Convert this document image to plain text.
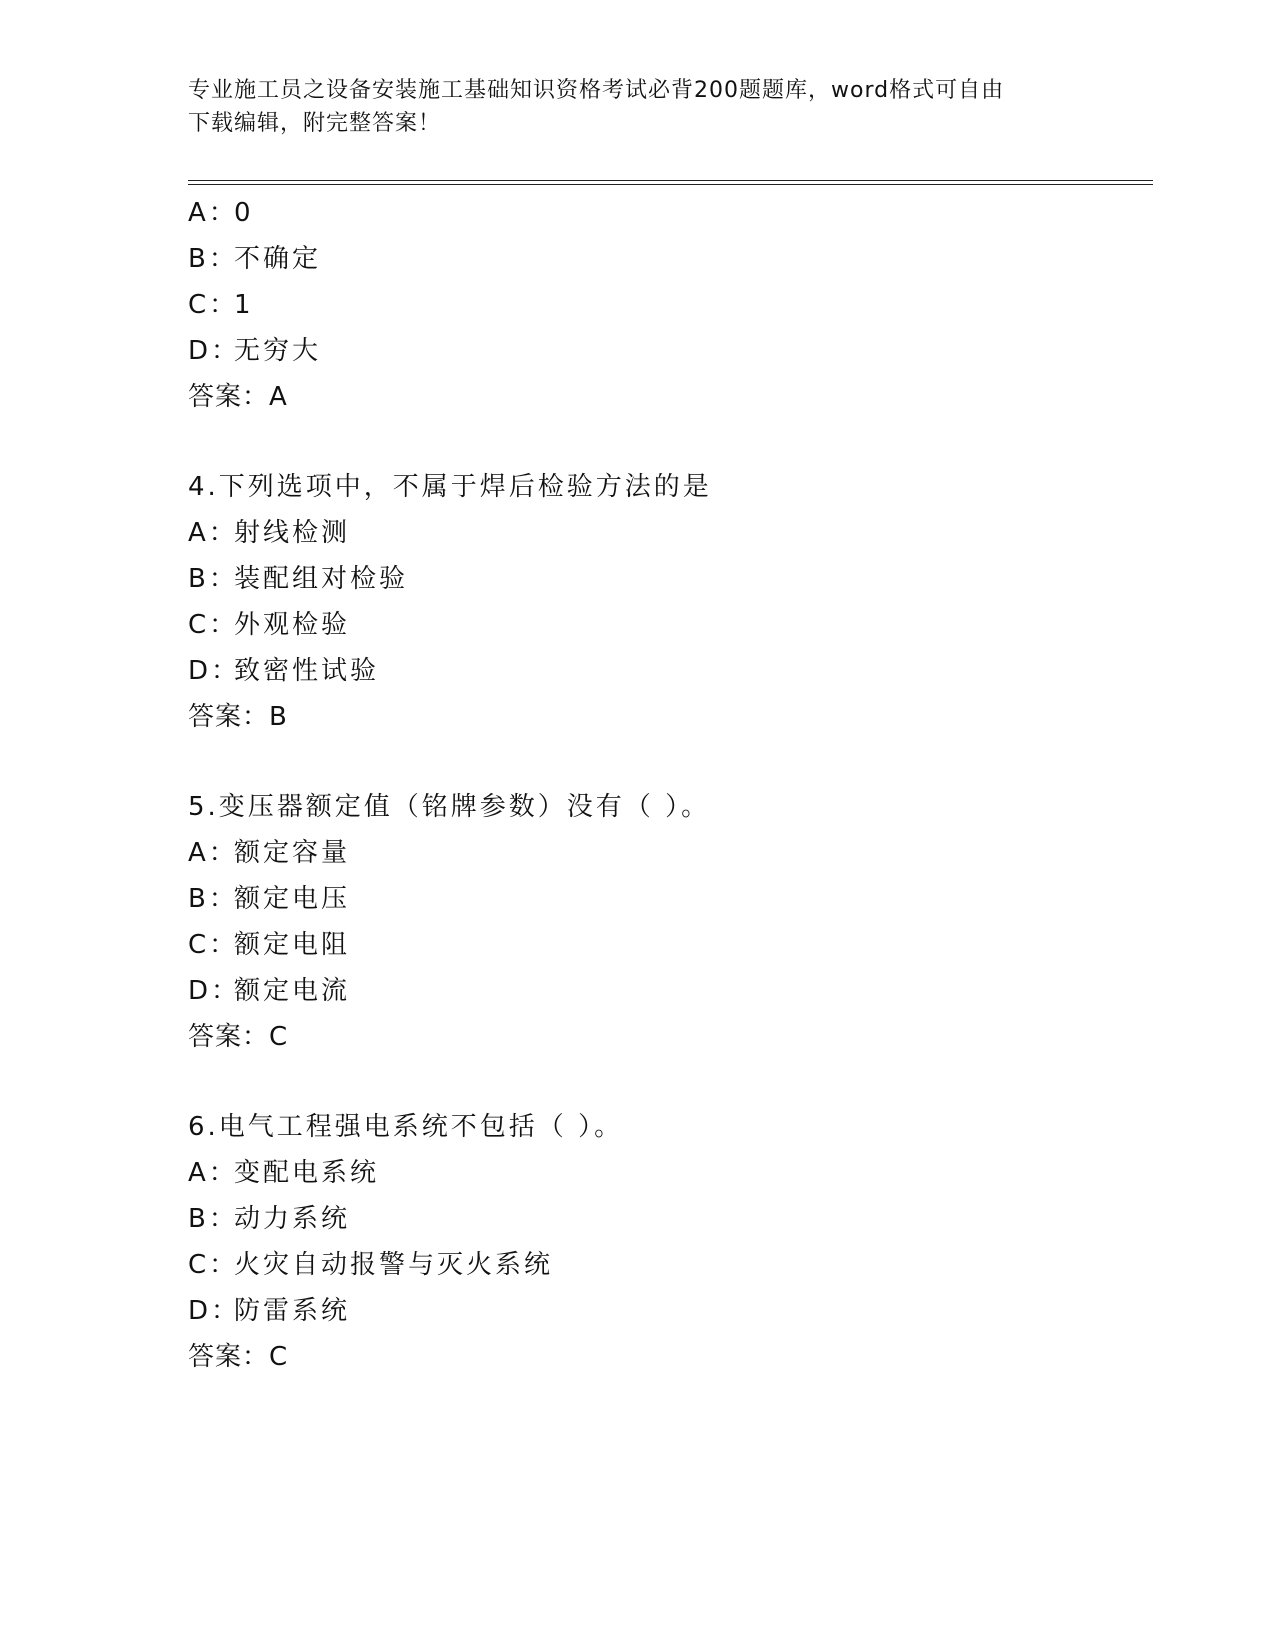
专业施工员之设备安装施工基础知识资格考试必背200题题库，word格式可自由
下载编辑，附完整答案！
A：0
B：不确定
C：1
D：无穷大
答案：A
4.下列选项中，不属于焊后检验方法的是
A：射线检测
B：装配组对检验
C：外观检验
D：致密性试验
答案：B
5.变压器额定值（铭牌参数）没有（ ）。
A：额定容量
B：额定电压
C：额定电阻
D：额定电流
答案：C
6.电气工程强电系统不包括（ ）。
A：变配电系统
B：动力系统
C：火灾自动报警与灭火系统
D：防雷系统
答案：C
